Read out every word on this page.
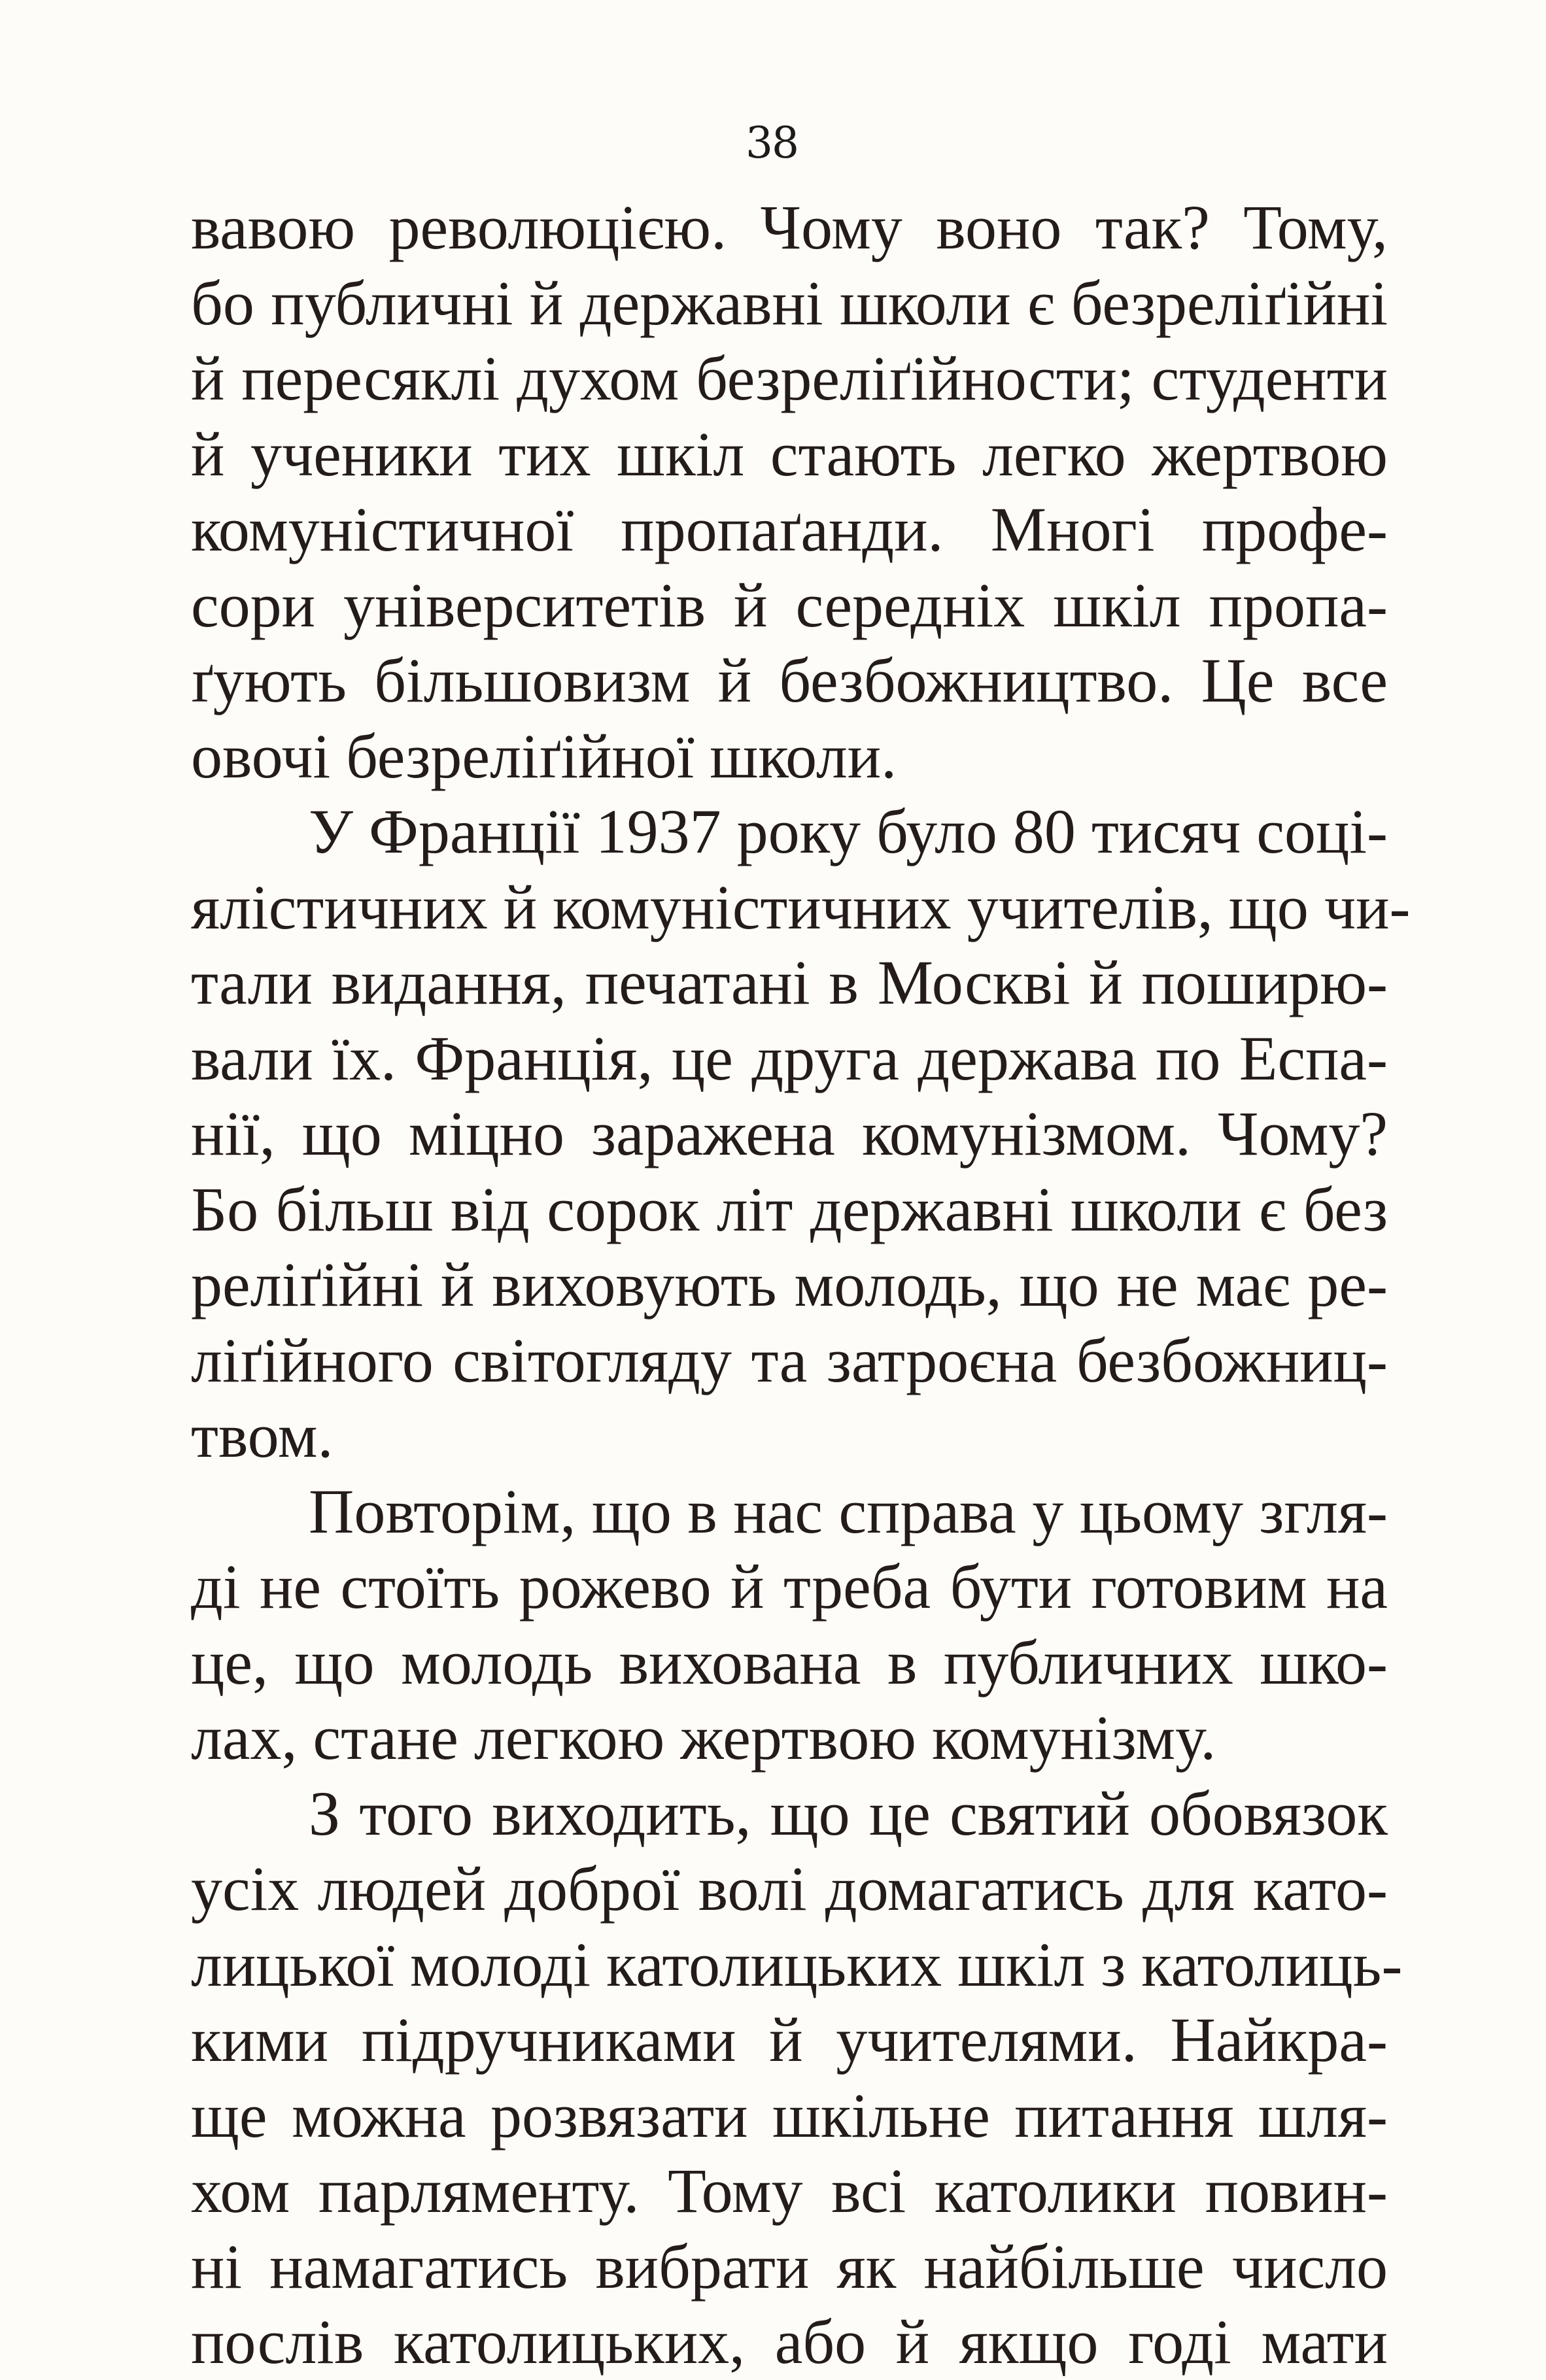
38
вавою революцією. Чому воно так? Тому,
бо публичні й державні школи є безреліґійні
й пересяклі духом безреліґійности; студенти
й ученики тих шкіл стають легко жертвою
комуністичної пропаґанди. Многі профе-
сори університетів й середніх шкіл пропа-
ґують більшовизм й безбожництво. Це все
овочі безреліґійної школи.
У Франції 1937 року було 80 тисяч соці-
ялістичних й комуністичних учителів, що чи-
тали видання, печатані в Москві й поширю-
вали їх. Франція, це друга держава по Еспа-
нії, що міцно заражена комунізмом. Чому?
Бо більш від сорок літ державні школи є без
реліґійні й виховують молодь, що не має ре-
ліґійного світогляду та затроєна безбожниц-
твом.
Повторім, що в нас справа у цьому згля-
ді не стоїть рожево й треба бути готовим на
це, що молодь вихована в публичних шко-
лах, стане легкою жертвою комунізму.
З того виходить, що це святий обовязок
усіх людей доброї волі домагатись для като-
лицької молоді католицьких шкіл з католиць-
кими підручниками й учителями. Найкра-
ще можна розвязати шкільне питання шля-
хом парляменту. Тому всі католики повин-
ні намагатись вибрати як найбільше число
послів католицьких, або й якщо годі мати
